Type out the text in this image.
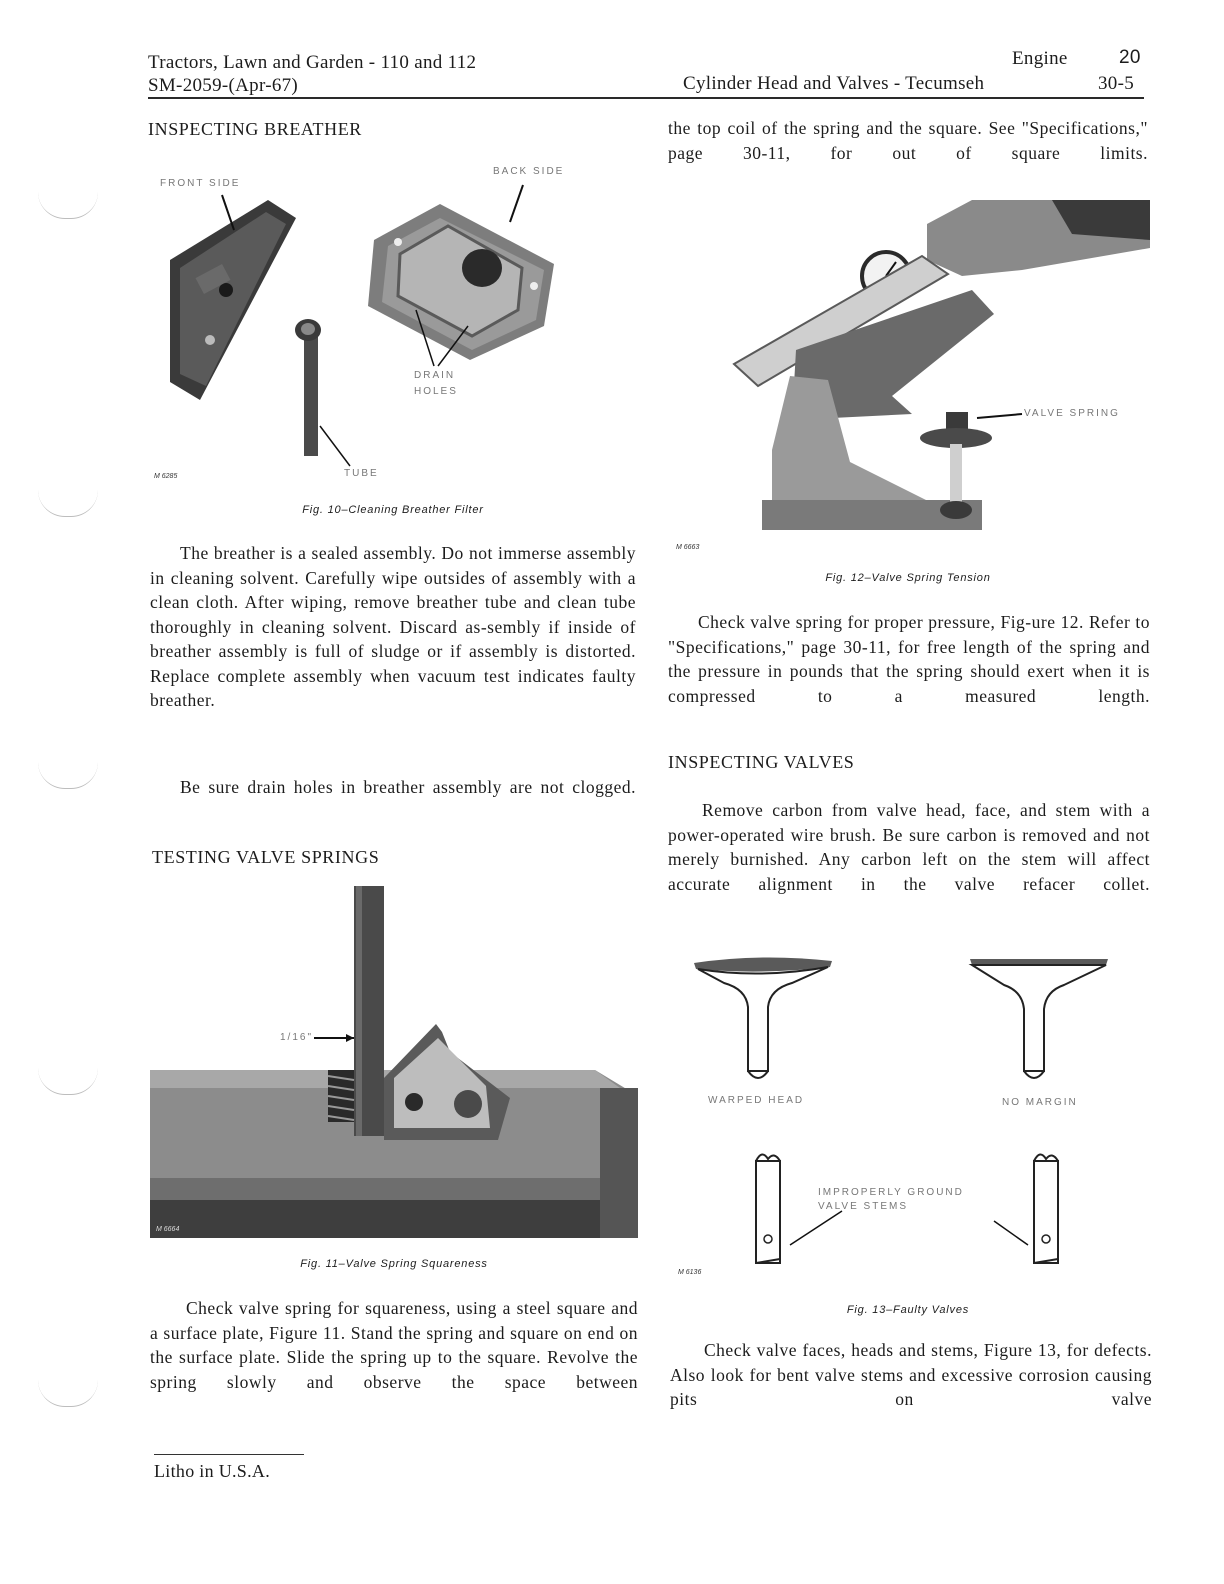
Tractors, Lawn and Garden - 110 and 112
SM-2059-(Apr-67)
Engine	20
Cylinder Head and Valves - Tecumseh	30-5
INSPECTING BREATHER
FRONT SIDE
BACK SIDE
DRAIN
HOLES
TUBE
M 6285
Fig. 10–Cleaning Breather Filter
The breather is a sealed assembly. Do not immerse assembly in cleaning solvent. Carefully wipe outsides of assembly with a clean cloth. After wiping, remove breather tube and clean tube thoroughly in cleaning solvent. Discard as-sembly if inside of breather assembly is full of sludge or if assembly is distorted. Replace complete assembly when vacuum test indicates faulty breather.
Be sure drain holes in breather assembly are not clogged.
TESTING VALVE SPRINGS
1/16"
M 6664
Fig. 11–Valve Spring Squareness
Check valve spring for squareness, using a steel square and a surface plate, Figure 11. Stand the spring and square on end on the surface plate. Slide the spring up to the square. Revolve the spring slowly and observe the space between
Litho in U.S.A.
the top coil of the spring and the square. See "Specifications," page 30-11, for out of square limits.
VALVE SPRING
M 6663
Fig. 12–Valve Spring Tension
Check valve spring for proper pressure, Fig-ure 12. Refer to "Specifications," page 30-11, for free length of the spring and the pressure in pounds that the spring should exert when it is compressed to a measured length.
INSPECTING VALVES
Remove carbon from valve head, face, and stem with a power-operated wire brush. Be sure carbon is removed and not merely burnished. Any carbon left on the stem will affect accurate alignment in the valve refacer collet.
WARPED HEAD	NO MARGIN
IMPROPERLY GROUND
VALVE STEMS
M 6136
Fig. 13–Faulty Valves
Check valve faces, heads and stems, Figure 13, for defects. Also look for bent valve stems and excessive corrosion causing pits on valve
